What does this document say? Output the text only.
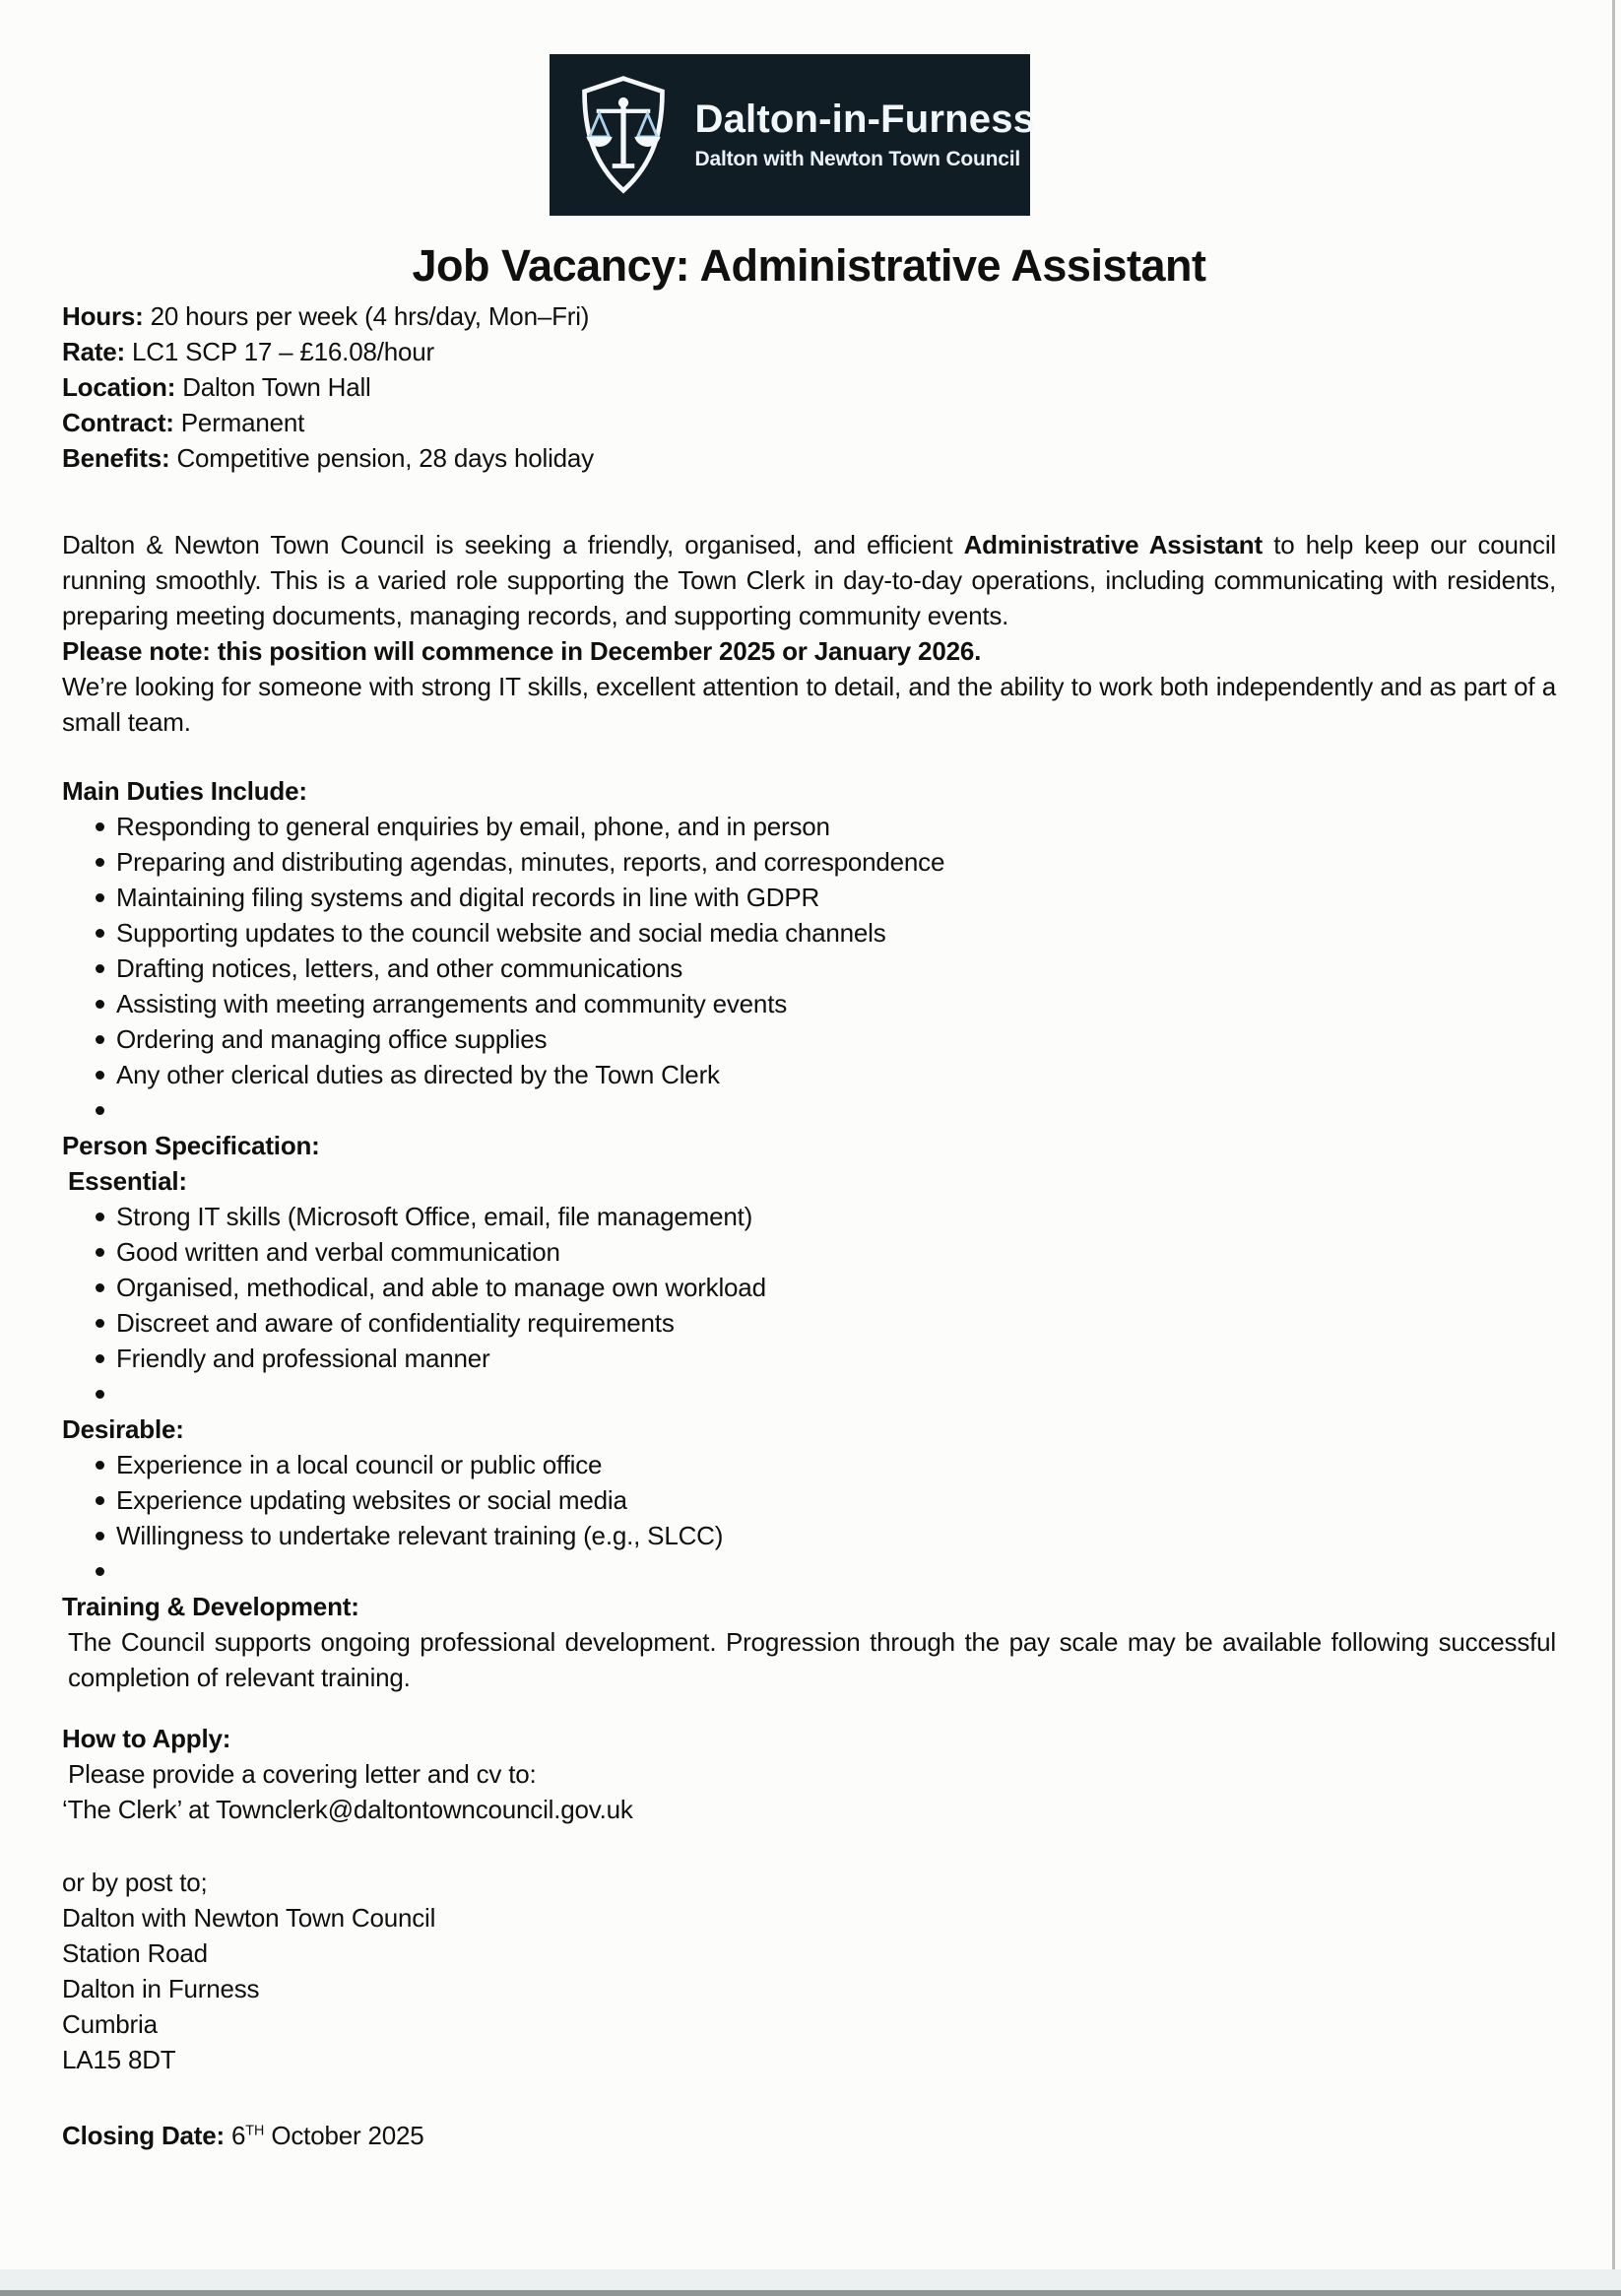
Dalton-in-Furness
Dalton with Newton Town Council
Job Vacancy: Administrative Assistant

Hours: 20 hours per week (4 hrs/day, Mon–Fri)

Rate: LC1 SCP 17 – £16.08/hour

Location: Dalton Town Hall

Contract: Permanent

Benefits: Competitive pension, 28 days holiday

Dalton & Newton Town Council is seeking a friendly, organised, and efficient Administrative Assistant to help keep our council running smoothly. This is a varied role supporting the Town Clerk in day-to-day operations, including communicating with residents, preparing meeting documents, managing records, and supporting community events.

Please note: this position will commence in December 2025 or January 2026.

We’re looking for someone with strong IT skills, excellent attention to detail, and the ability to work both independently and as part of a small team.

Main Duties Include:

Responding to general enquiries by email, phone, and in person
Preparing and distributing agendas, minutes, reports, and correspondence
Maintaining filing systems and digital records in line with GDPR
Supporting updates to the council website and social media channels
Drafting notices, letters, and other communications
Assisting with meeting arrangements and community events
Ordering and managing office supplies
Any other clerical duties as directed by the Town Clerk

Person Specification:

Essential:

Strong IT skills (Microsoft Office, email, file management)
Good written and verbal communication
Organised, methodical, and able to manage own workload
Discreet and aware of confidentiality requirements
Friendly and professional manner

Desirable:

Experience in a local council or public office
Experience updating websites or social media
Willingness to undertake relevant training (e.g., SLCC)

Training & Development:

The Council supports ongoing professional development. Progression through the pay scale may be available following successful completion of relevant training.

How to Apply:

Please provide a covering letter and cv to:

‘The Clerk’ at Townclerk@daltontowncouncil.gov.uk

or by post to;

Dalton with Newton Town Council

Station Road

Dalton in Furness

Cumbria

LA15 8DT

Closing Date: 6TH October 2025
